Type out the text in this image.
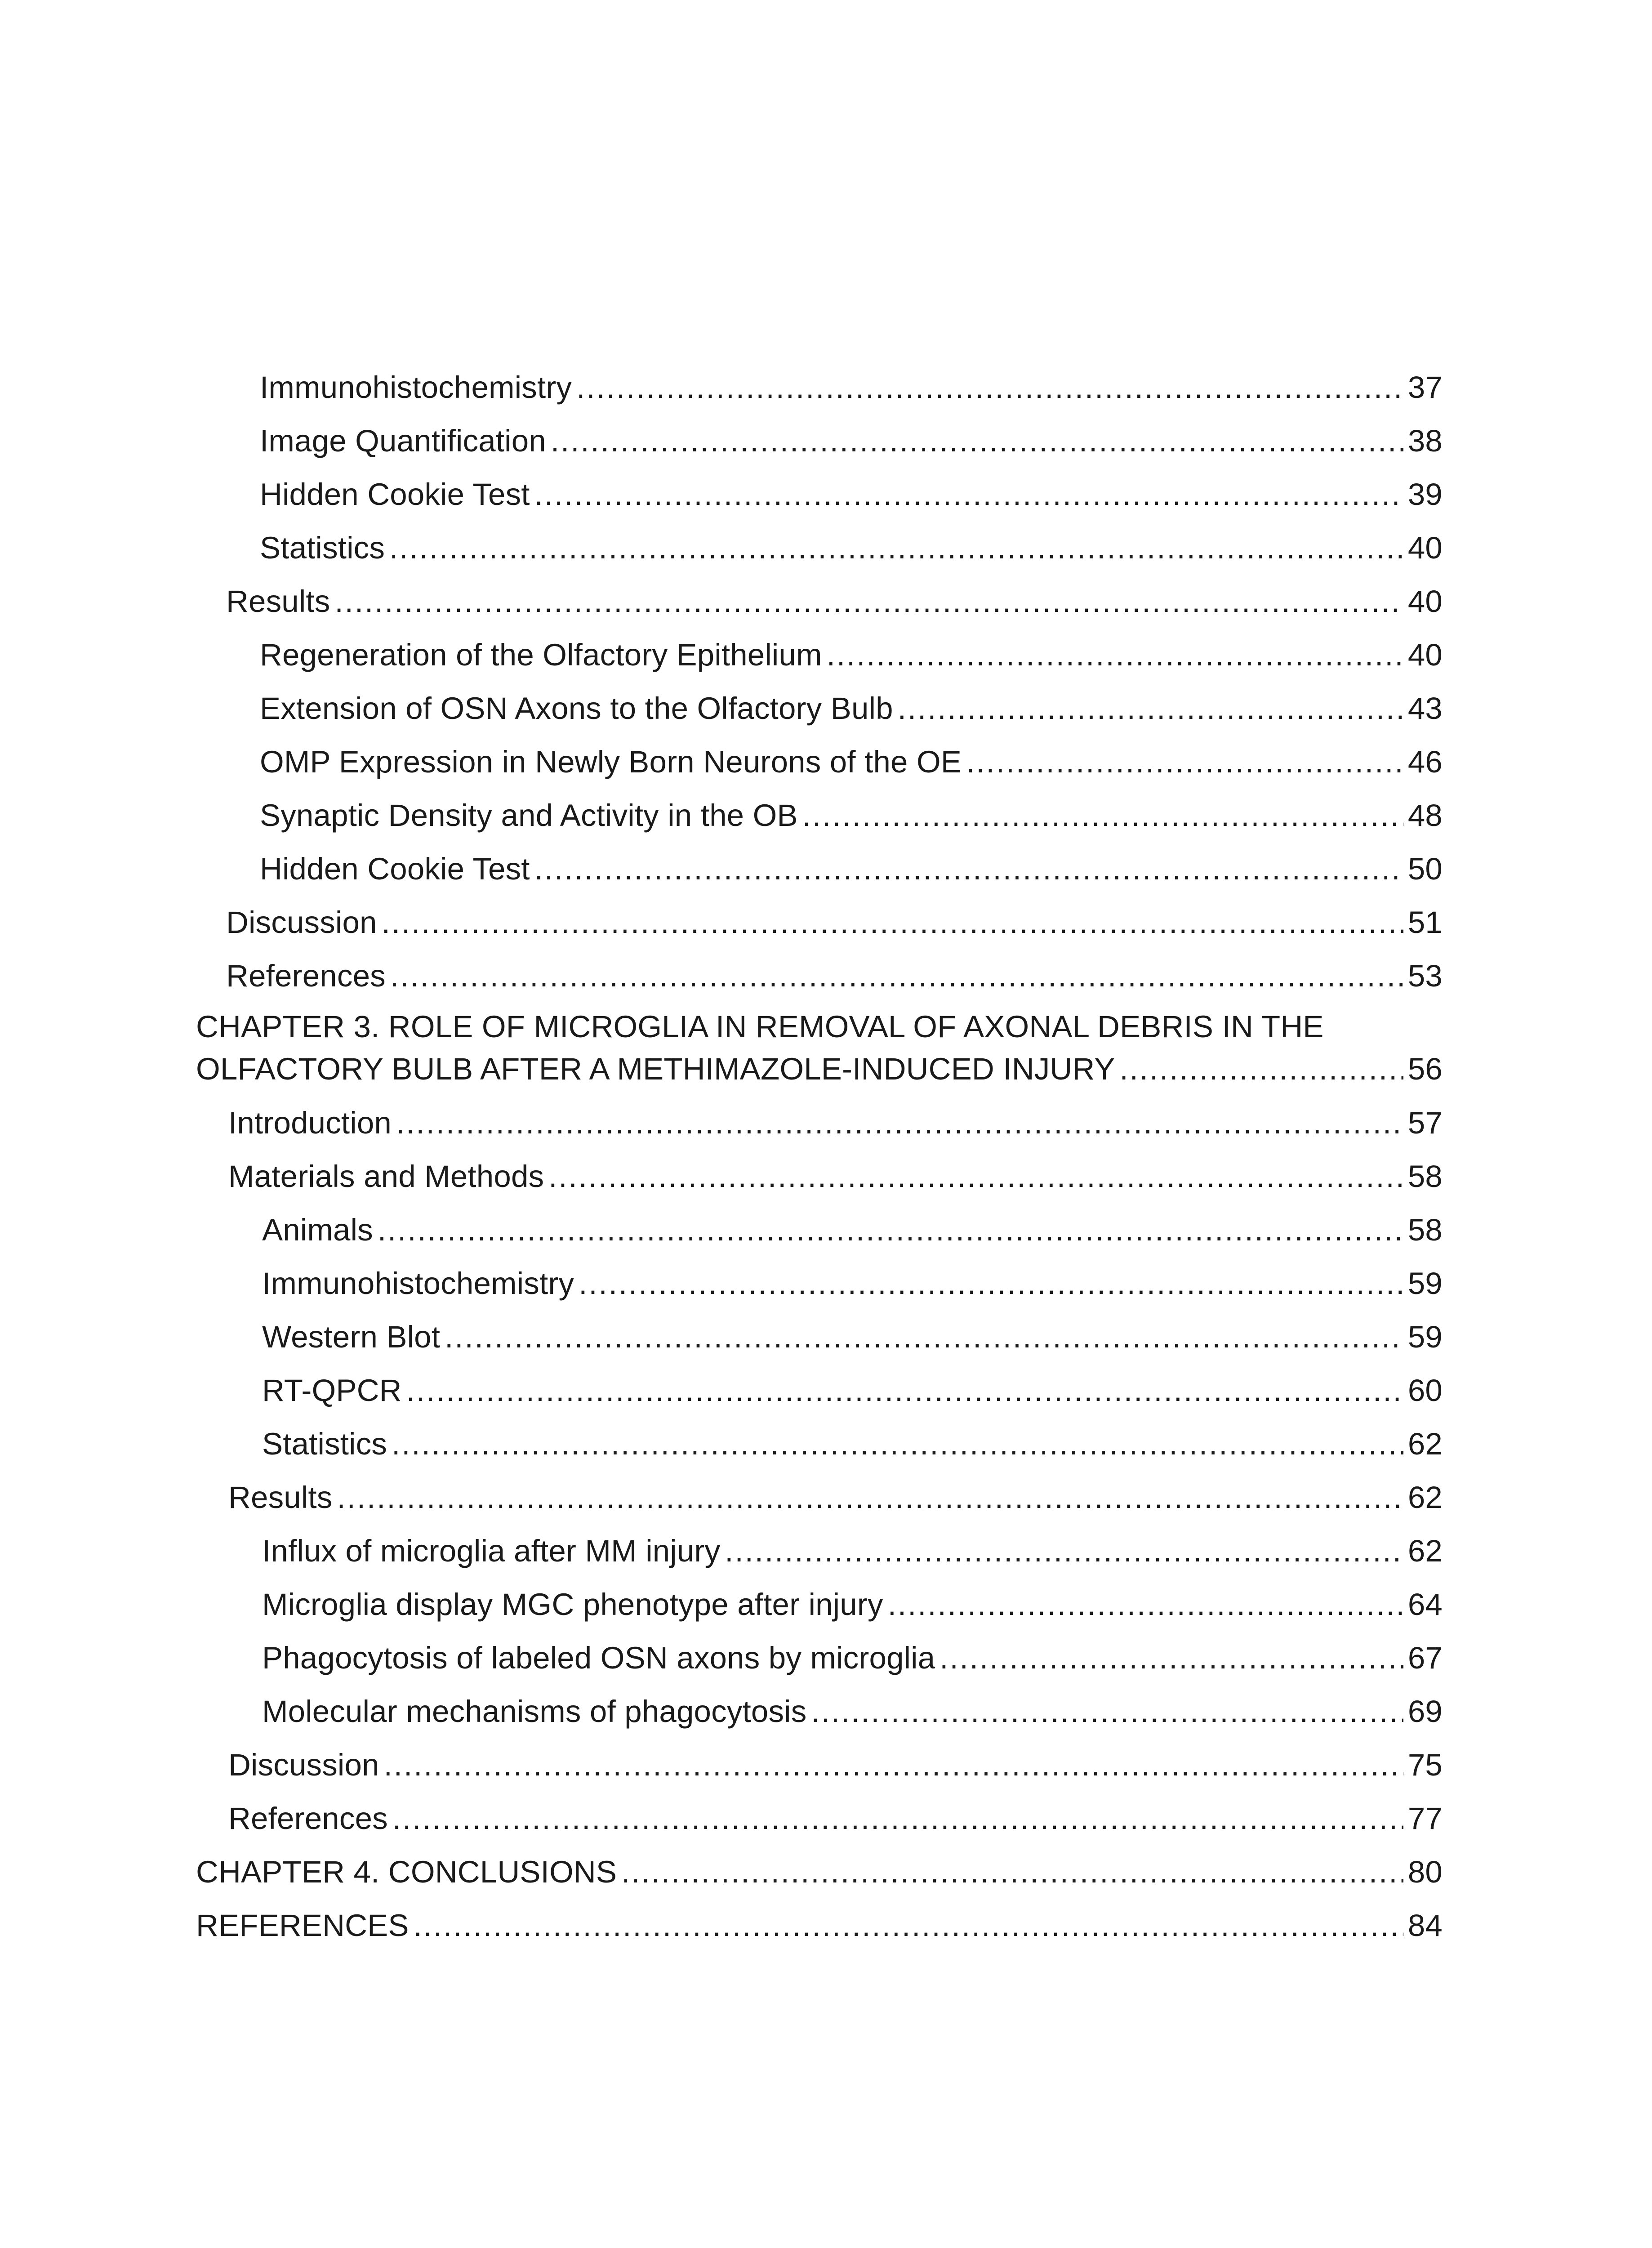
Immunohistochemistry .....	37
Image Quantification .....	38
Hidden Cookie Test .....	39
Statistics .....	40
Results .....	40
Regeneration of the Olfactory Epithelium .....	40
Extension of OSN Axons to the Olfactory Bulb .....	43
OMP Expression in Newly Born Neurons of the OE .....	46
Synaptic Density and Activity in the OB .....	48
Hidden Cookie Test .....	50
Discussion .....	51
References .....	53
CHAPTER 3. ROLE OF MICROGLIA IN REMOVAL OF AXONAL DEBRIS IN THE
OLFACTORY BULB AFTER A METHIMAZOLE-INDUCED INJURY .....	56
Introduction .....	57
Materials and Methods .....	58
Animals .....	58
Immunohistochemistry .....	59
Western Blot .....	59
RT-QPCR .....	60
Statistics .....	62
Results .....	62
Influx of microglia after MM injury .....	62
Microglia display MGC phenotype after injury .....	64
Phagocytosis of labeled OSN axons by microglia .....	67
Molecular mechanisms of phagocytosis .....	69
Discussion .....	75
References .....	77
CHAPTER 4. CONCLUSIONS .....	80
REFERENCES .....	84
